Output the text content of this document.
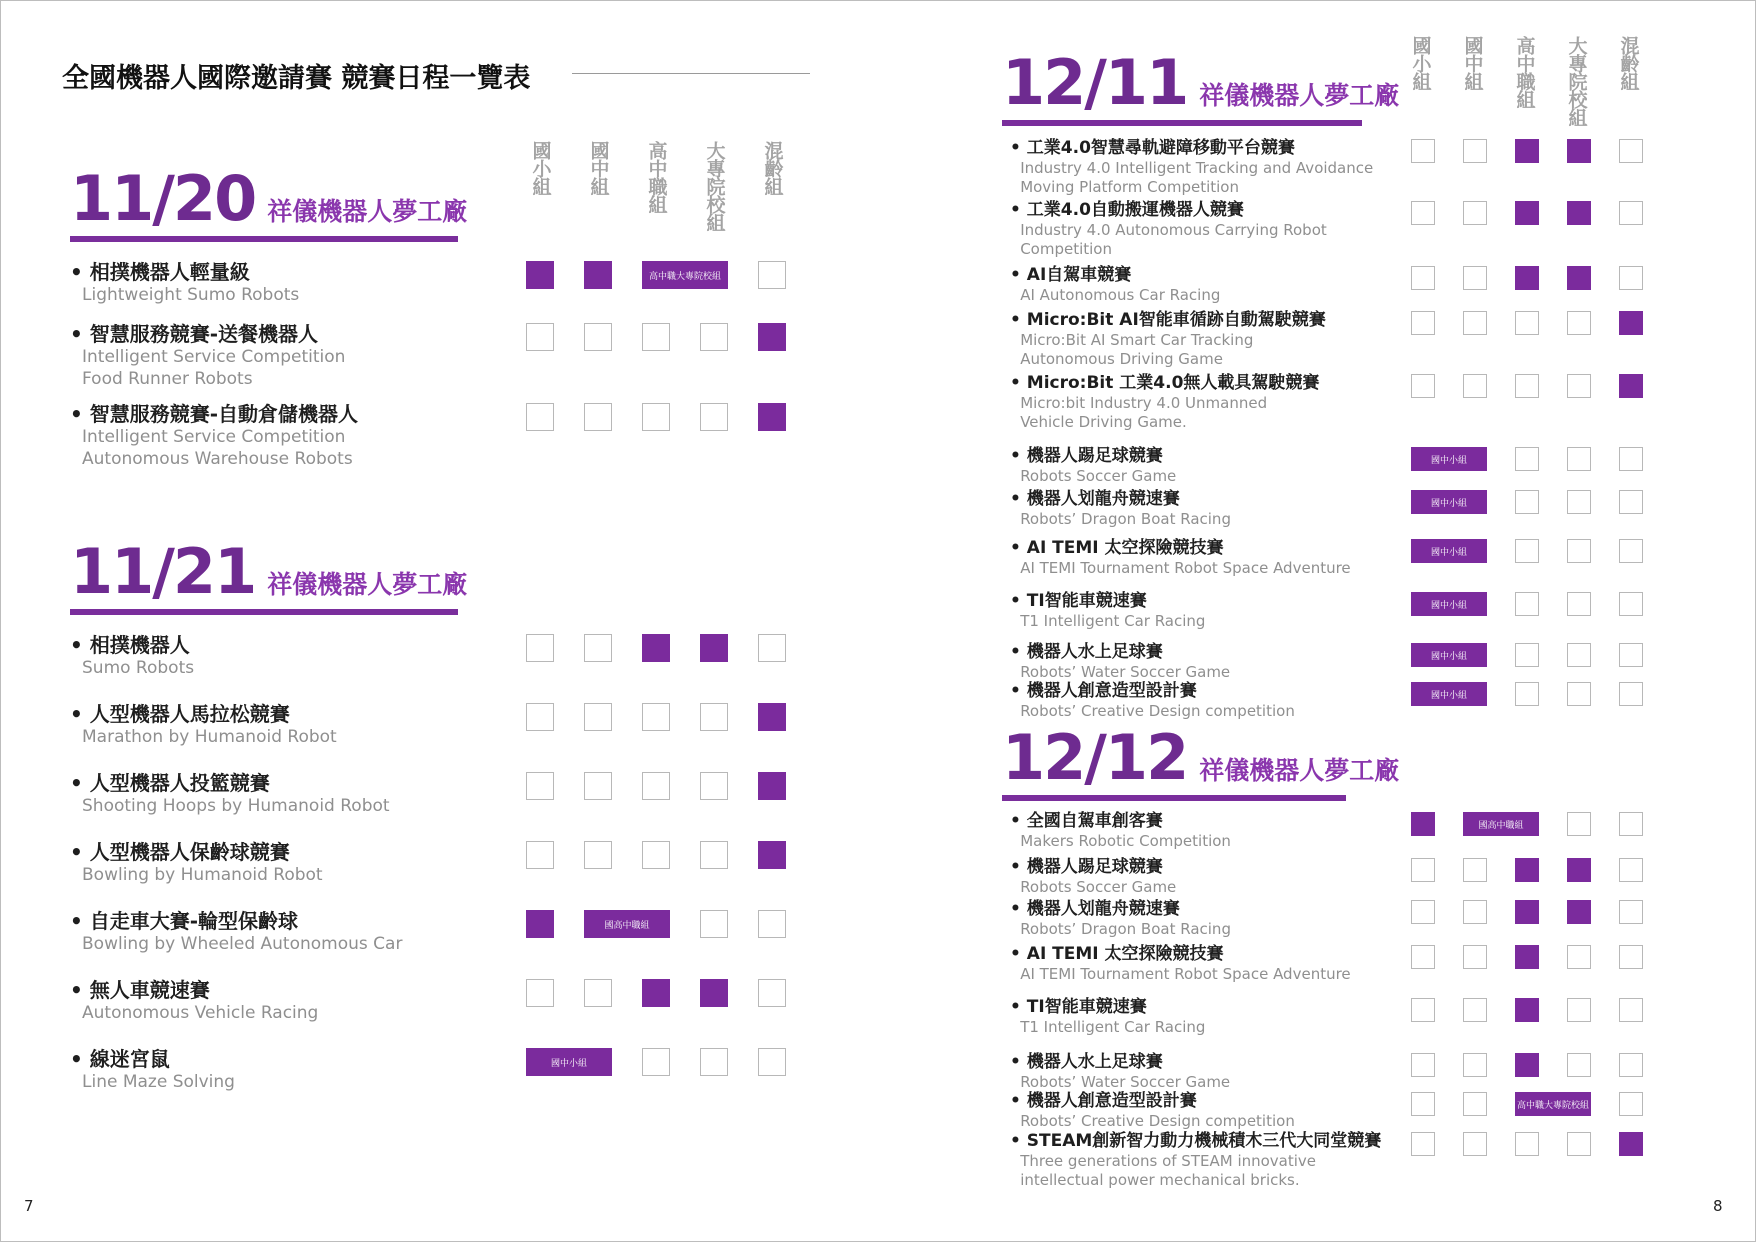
全國機器人國際邀請賽 競賽日程一覽表
國小組 國中組 高中職組 大專院校組 混齡組
國小組 國中組 高中職組 大專院校組 混齡組
11/20 祥儀機器人夢工廠
• 相撲機器人輕量級
Lightweight Sumo Robots
高中職大專院校組
• 智慧服務競賽-送餐機器人
Intelligent Service Competition
Food Runner Robots
• 智慧服務競賽-自動倉儲機器人
Intelligent Service Competition
Autonomous Warehouse Robots
11/21 祥儀機器人夢工廠
• 相撲機器人
Sumo Robots
• 人型機器人馬拉松競賽
Marathon by Humanoid Robot
• 人型機器人投籃競賽
Shooting Hoops by Humanoid Robot
• 人型機器人保齡球競賽
Bowling by Humanoid Robot
• 自走車大賽-輪型保齡球
Bowling by Wheeled Autonomous Car
國高中職組
• 無人車競速賽
Autonomous Vehicle Racing
• 線迷宮鼠
Line Maze Solving
國中小組
12/11 祥儀機器人夢工廠
• 工業4.0智慧尋軌避障移動平台競賽
Industry 4.0 Intelligent Tracking and Avoidance
Moving Platform Competition
• 工業4.0自動搬運機器人競賽
Industry 4.0 Autonomous Carrying Robot
Competition
• AI自駕車競賽
AI Autonomous Car Racing
• Micro:Bit AI智能車循跡自動駕駛競賽
Micro:Bit AI Smart Car Tracking
Autonomous Driving Game
• Micro:Bit 工業4.0無人載具駕駛競賽
Micro:bit Industry 4.0 Unmanned
Vehicle Driving Game.
• 機器人踢足球競賽
Robots Soccer Game
國中小組
• 機器人划龍舟競速賽
Robots’ Dragon Boat Racing
國中小組
• AI TEMI 太空探險競技賽
AI TEMI Tournament Robot Space Adventure
國中小組
• TI智能車競速賽
T1 Intelligent Car Racing
國中小組
• 機器人水上足球賽
Robots’ Water Soccer Game
國中小組
• 機器人創意造型設計賽
Robots’ Creative Design competition
國中小組
12/12 祥儀機器人夢工廠
• 全國自駕車創客賽
Makers Robotic Competition
國高中職組
• 機器人踢足球競賽
Robots Soccer Game
• 機器人划龍舟競速賽
Robots’ Dragon Boat Racing
• AI TEMI 太空探險競技賽
AI TEMI Tournament Robot Space Adventure
• TI智能車競速賽
T1 Intelligent Car Racing
• 機器人水上足球賽
Robots’ Water Soccer Game
• 機器人創意造型設計賽
Robots’ Creative Design competition
高中職大專院校組
• STEAM創新智力動力機械積木三代大同堂競賽
Three generations of STEAM innovative
intellectual power mechanical bricks.
7	8
